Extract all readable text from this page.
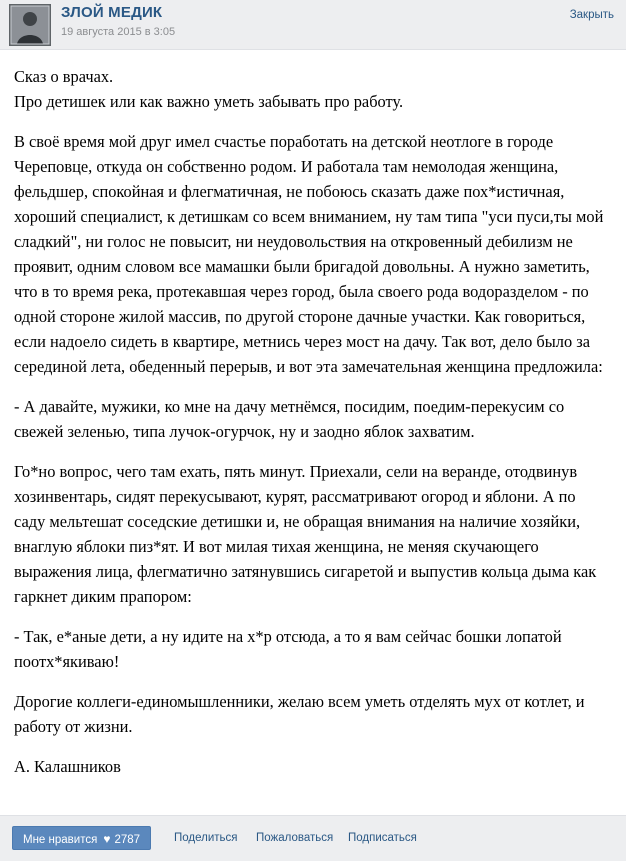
ЗЛОЙ МЕДИК
19 августа 2015 в 3:05
Закрыть

Сказ о врачах.

Про детишек или как важно уметь забывать про работу.

В своё время мой друг имел счастье поработать на детской неотлоге в городе Череповце, откуда он собственно родом. И работала там немолодая женщина, фельдшер, спокойная и флегматичная, не побоюсь сказать даже пох*истичная, хороший специалист, к детишкам со всем вниманием, ну там типа "уси пуси,ты мой сладкий", ни голос не повысит, ни неудовольствия на откровенный дебилизм не проявит, одним словом все мамашки были бригадой довольны. А нужно заметить, что в то время река, протекавшая через город, была своего рода водоразделом - по одной стороне жилой массив, по другой стороне дачные участки. Как говориться, если надоело сидеть в квартире, метнись через мост на дачу. Так вот, дело было за серединой лета, обеденный перерыв, и вот эта замечательная женщина предложила:

- А давайте, мужики, ко мне на дачу метнёмся, посидим, поедим-перекусим со свежей зеленью, типа лучок-огурчок, ну и заодно яблок захватим.

Го*но вопрос, чего там ехать, пять минут. Приехали, сели на веранде, отодвинув хозинвентарь, сидят перекусывают, курят, рассматривают огород и яблони. А по саду мельтешат соседские детишки и, не обращая внимания на наличие хозяйки, внаглую яблоки пиз*ят. И вот милая тихая женщина, не меняя скучающего выражения лица, флегматично затянувшись сигаретой и выпустив кольца дыма как гаркнет диким прапором:

- Так, е*аные дети, а ну идите на х*р отсюда, а то я вам сейчас бошки лопатой поотх*якиваю!

Дорогие коллеги-единомышленники, желаю всем уметь отделять мух от котлет, и работу от жизни.

А. Калашников

Мне нравится ♥ 2787	Поделиться Пожаловаться Подписаться
